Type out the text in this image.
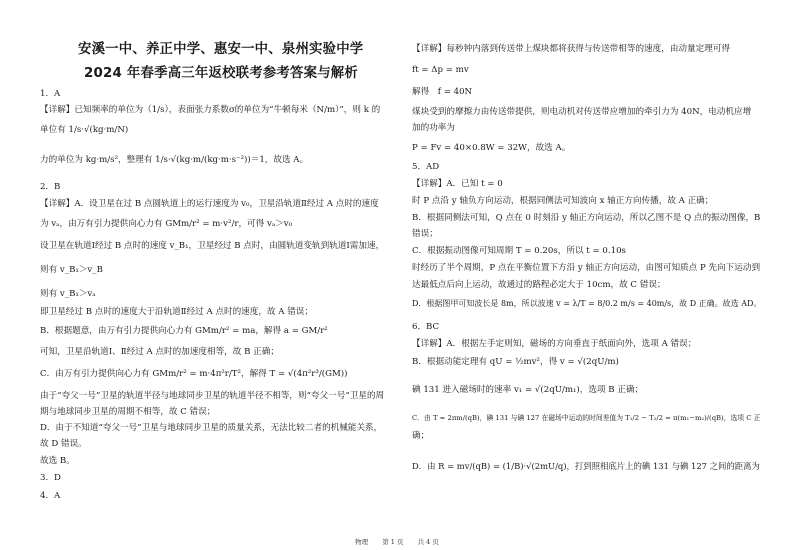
安溪一中、养正中学、惠安一中、泉州实验中学
2024 年春季高三年返校联考参考答案与解析
1．A
【详解】已知频率的单位为（1/s），表面张力系数σ的单位为“牛顿每米（N/m）”，则 k 的
单位有 1/s·√(kg·m/N)
力的单位为 kg·m/s²，整理有 1/s·√(kg·m/(kg·m·s⁻²))＝1，故选 A。
2．B
【详解】A．设卫星在过 B 点圆轨道上的运行速度为 v₀，卫星沿轨道Ⅱ经过 A 点时的速度
为 vₐ，由万有引力提供向心力有 GMm/r² = m·v²/r，可得 vₐ＞v₀
设卫星在轨道Ⅰ经过 B 点时的速度 v_B₁，卫星经过 B 点时，由圆轨道变轨到轨道Ⅰ需加速，
则有 v_B₁＞v_B
则有 v_B₁＞vₐ
即卫星经过 B 点时的速度大于沿轨道Ⅱ经过 A 点时的速度，故 A 错误；
B．根据题意，由万有引力提供向心力有 GMm/r² = ma，解得 a = GM/r²
可知，卫星沿轨道Ⅰ、Ⅱ经过 A 点时的加速度相等，故 B 正确；
C．由万有引力提供向心力有 GMm/r² = m·4π²r/T²，解得 T = √(4π²r³/(GM))
由于“夸父一号”卫星的轨道半径与地球同步卫星的轨道半径不相等，则“夸父一号”卫星的周
期与地球同步卫星的周期不相等，故 C 错误；
D．由于不知道“夸父一号”卫星与地球同步卫星的质量关系，无法比较二者的机械能关系，
故 D 错误。
故选 B。
3．D
4．A
【详解】每秒钟内落到传送带上煤块都将获得与传送带相等的速度，由动量定理可得
ft = Δp = mv
解得　f = 40N
煤块受到的摩擦力由传送带提供，则电动机对传送带应增加的牵引力为 40N，电动机应增
加的功率为
P = Fv = 40×0.8W = 32W，故选 A。
5．AD
【详解】A．已知 t = 0
时 P 点沿 y 轴负方向运动，根据同侧法可知波向 x 轴正方向传播，故 A 正确；
B．根据同侧法可知，Q 点在 0 时刻沿 y 轴正方向运动，所以乙图不是 Q 点的振动图像，B
错误；
C．根据振动图像可知周期 T = 0.20s，所以 t = 0.10s
时经历了半个周期，P 点在平衡位置下方沿 y 轴正方向运动，由图可知质点 P 先向下运动到
达最低点后向上运动，故通过的路程必定大于 10cm，故 C 错误；
D．根据图甲可知波长是 8m，所以波速 v = λ/T = 8/0.2 m/s = 40m/s，故 D 正确。故选 AD。
6．BC
【详解】A．根据左手定则知，磁场的方向垂直于纸面向外，选项 A 错误；
B．根据动能定理有 qU = ½mv²，得 v = √(2qU/m)
碘 131 进入磁场时的速率 v₁ = √(2qU/m₁)，选项 B 正确；
C．由 T = 2πm/(qB)，碘 131 与碘 127 在磁场中运动的时间差值为 T₁/2 − T₂/2 = π(m₁−m₂)/(qB)，选项 C 正
确；
D．由 R = mv/(qB) = (1/B)·√(2mU/q)，打到照相底片上的碘 131 与碘 127 之间的距离为
物理 第 1 页 共 4 页
